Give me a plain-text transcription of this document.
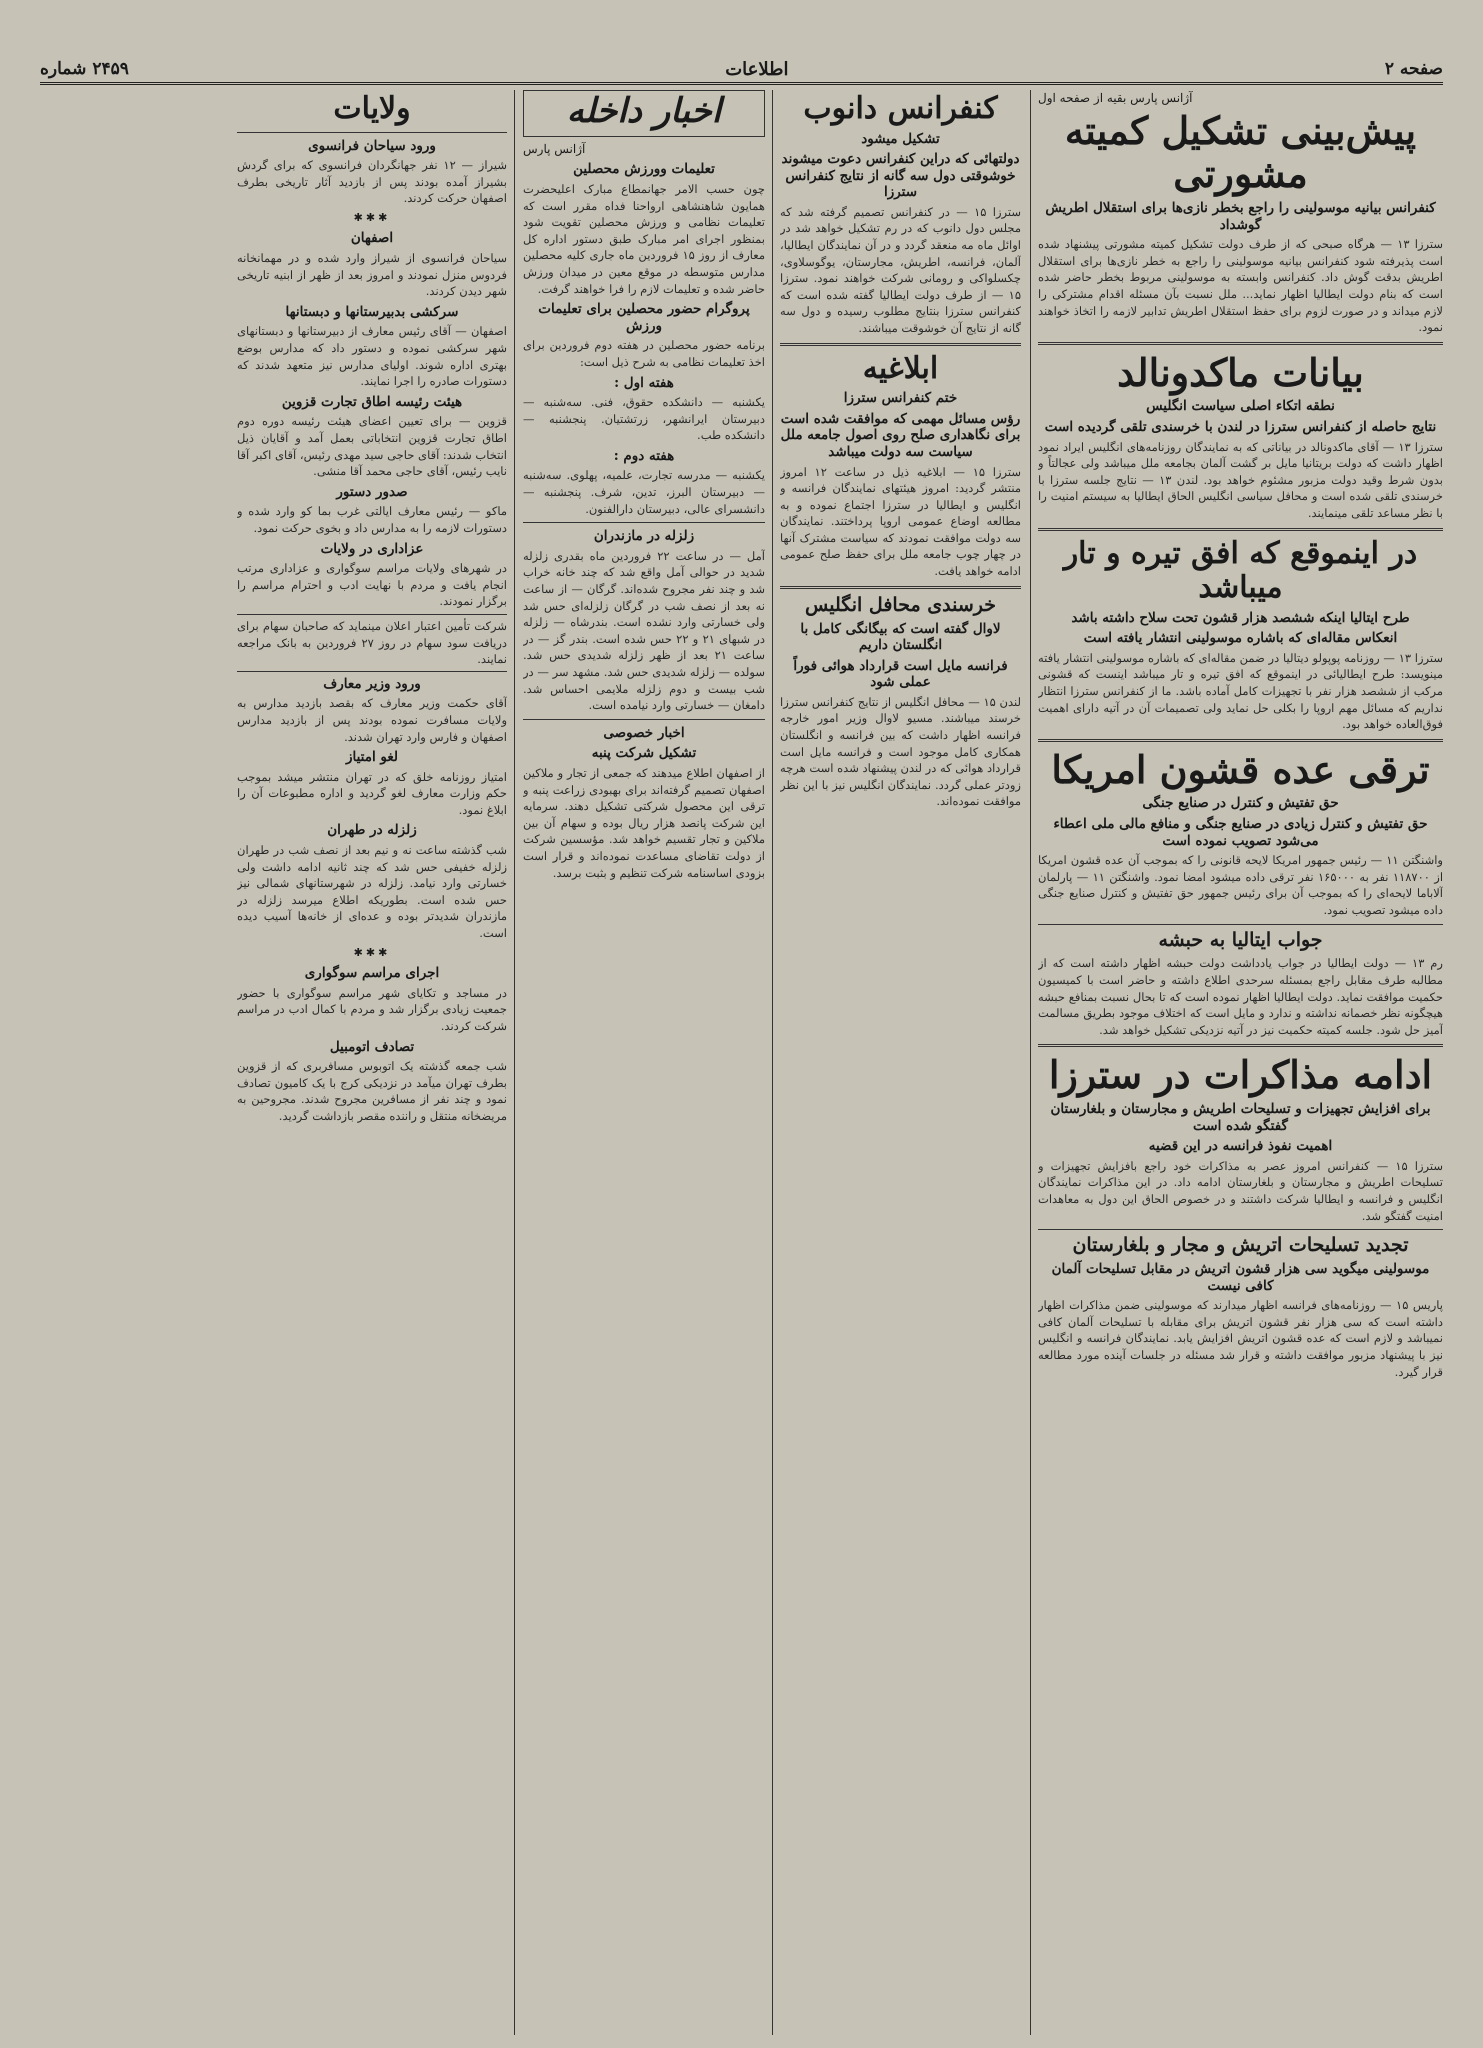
صفحه ۲
اطلاعات
۲۴۵۹ شماره
آژانس پارس بقیه از صفحه اول
پیش‌بینی تشکیل کمیته مشورتی
کنفرانس بیانیه موسولینی را راجع بخطر نازی‌ها برای استقلال اطریش گوشداد

سترزا ۱۳ — هرگاه صبحی که از طرف دولت تشکیل کمیته مشورتی پیشنهاد شده است پذیرفته شود کنفرانس بیانیه موسولینی را راجع به خطر نازی‌ها برای استقلال اطریش بدقت گوش داد. کنفرانس وابسته به موسولینی مربوط بخطر حاضر شده است که بنام دولت ایطالیا اظهار نماید... ملل نسبت بآن مسئله اقدام مشترکی را لازم میداند و در صورت لزوم برای حفظ استقلال اطریش تدابیر لازمه را اتخاذ خواهند نمود.

بیانات ماکدونالد
نطقه اتکاء اصلی سیاست انگلیس
نتایج حاصله از کنفرانس سترزا در لندن با خرسندی تلقی گردیده است

سترزا ۱۳ — آقای ماکدونالد در بیاناتی که به نمایندگان روزنامه‌های انگلیس ایراد نمود اظهار داشت که دولت بریتانیا مایل بر گشت آلمان بجامعه ملل میباشد ولی عجالتاً و بدون شرط وقید دولت مزبور مشئوم خواهد بود. لندن ۱۳ — نتایج جلسه سترزا با خرسندی تلقی شده است و محافل سیاسی انگلیس الحاق ایطالیا به سیستم امنیت را با نظر مساعد تلقی مینمایند.

در اینموقع که افق تیره و تار میباشد
طرح ایتالیا اینکه ششصد هزار قشون تحت سلاح داشته باشد
انعکاس مقاله‌ای که باشاره موسولینی انتشار یافته است

سترزا ۱۳ — روزنامه پوپولو دیتالیا در ضمن مقاله‌ای که باشاره موسولینی انتشار یافته مینویسد: طرح ایطالیائی در اینموقع که افق تیره و تار میباشد اینست که قشونی مرکب از ششصد هزار نفر با تجهیزات کامل آماده باشد. ما از کنفرانس سترزا انتظار نداریم که مسائل مهم اروپا را بکلی حل نماید ولی تصمیمات آن در آتیه دارای اهمیت فوق‌العاده خواهد بود.

ترقی عده قشون امریکا
حق تفتیش و کنترل در صنایع جنگی
حق تفتیش و کنترل زیادی در صنایع جنگی و منافع مالی ملی اعطاء می‌شود تصویب نموده است

واشنگتن ۱۱ — رئیس جمهور امریکا لایحه قانونی را که بموجب آن عده قشون امریکا از ۱۱۸۷۰۰ نفر به ۱۶۵۰۰۰ نفر ترقی داده میشود امضا نمود. واشنگتن ۱۱ — پارلمان آلاباما لایحه‌ای را که بموجب آن برای رئیس جمهور حق تفتیش و کنترل صنایع جنگی داده میشود تصویب نمود.

جواب ایتالیا به حبشه

رم ۱۳ — دولت ایطالیا در جواب یادداشت دولت حبشه اظهار داشته است که از مطالبه طرف مقابل راجع بمسئله سرحدی اطلاع داشته و حاضر است با کمیسیون حکمیت موافقت نماید. دولت ایطالیا اظهار نموده است که تا بحال نسبت بمنافع حبشه هیچگونه نظر خصمانه نداشته و ندارد و مایل است که اختلاف موجود بطریق مسالمت آمیز حل شود. جلسه کمیته حکمیت نیز در آتیه نزدیکی تشکیل خواهد شد.

ادامه مذاکرات در سترزا
برای افزایش تجهیزات و تسلیحات اطریش و مجارستان و بلغارستان گفتگو شده است
اهمیت نفوذ فرانسه در این قضیه

سترزا ۱۵ — کنفرانس امروز عصر به مذاکرات خود راجع بافزایش تجهیزات و تسلیحات اطریش و مجارستان و بلغارستان ادامه داد. در این مذاکرات نمایندگان انگلیس و فرانسه و ایطالیا شرکت داشتند و در خصوص الحاق این دول به معاهدات امنیت گفتگو شد.

تجدید تسلیحات اتریش و مجار و بلغارستان
موسولینی میگوید سی هزار قشون اتریش در مقابل تسلیحات آلمان کافی نیست

پاریس ۱۵ — روزنامه‌های فرانسه اظهار میدارند که موسولینی ضمن مذاکرات اظهار داشته است که سی هزار نفر قشون اتریش برای مقابله با تسلیحات آلمان کافی نمیباشد و لازم است که عده قشون اتریش افزایش یابد. نمایندگان فرانسه و انگلیس نیز با پیشنهاد مزبور موافقت داشته و قرار شد مسئله در جلسات آینده مورد مطالعه قرار گیرد.

کنفرانس دانوب
تشکیل میشود
دولتهائی که دراین کنفرانس دعوت میشوند خوشوقتی دول سه گانه از نتایج کنفرانس سترزا

سترزا ۱۵ — در کنفرانس تصمیم گرفته شد که مجلس دول دانوب که در رم تشکیل خواهد شد در اوائل ماه مه منعقد گردد و در آن نمایندگان ایطالیا، آلمان، فرانسه، اطریش، مجارستان، یوگوسلاوی، چکسلواکی و رومانی شرکت خواهند نمود. سترزا ۱۵ — از طرف دولت ایطالیا گفته شده است که کنفرانس سترزا بنتایج مطلوب رسیده و دول سه گانه از نتایج آن خوشوقت میباشند.

ابلاغیه
ختم کنفرانس سترزا
رؤس مسائل مهمی که موافقت شده است برای نگاهداری صلح روی اصول جامعه ملل سیاست سه دولت میباشد

سترزا ۱۵ — ابلاغیه ذیل در ساعت ۱۲ امروز منتشر گردید: امروز هیئتهای نمایندگان فرانسه و انگلیس و ایطالیا در سترزا اجتماع نموده و به مطالعه اوضاع عمومی اروپا پرداختند. نمایندگان سه دولت موافقت نمودند که سیاست مشترک آنها در چهار چوب جامعه ملل برای حفظ صلح عمومی ادامه خواهد یافت.

خرسندی محافل انگلیس
لاوال گفته است که بیگانگی کامل با انگلستان داریم
فرانسه مایل است قرارداد هوائی فوراً عملی شود

لندن ۱۵ — محافل انگلیس از نتایج کنفرانس سترزا خرسند میباشند. مسیو لاوال وزیر امور خارجه فرانسه اظهار داشت که بین فرانسه و انگلستان همکاری کامل موجود است و فرانسه مایل است قرارداد هوائی که در لندن پیشنهاد شده است هرچه زودتر عملی گردد. نمایندگان انگلیس نیز با این نظر موافقت نموده‌اند.

اخبار داخله
آژانس پارس
تعلیمات وورزش محصلین

چون حسب الامر جهانمطاع مبارک اعلیحضرت همایون شاهنشاهی ارواحنا فداه مقرر است که تعلیمات نظامی و ورزش محصلین تقویت شود بمنظور اجرای امر مبارک طبق دستور اداره کل معارف از روز ۱۵ فروردین ماه جاری کلیه محصلین مدارس متوسطه در موقع معین در میدان ورزش حاضر شده و تعلیمات لازم را فرا خواهند گرفت.

پروگرام حضور محصلین برای تعلیمات ورزش

برنامه حضور محصلین در هفته دوم فروردین برای اخذ تعلیمات نظامی به شرح ذیل است:

هفته اول :

یکشنبه — دانشکده حقوق، فنی. سه‌شنبه — دبیرستان ایرانشهر، زرتشتیان. پنجشنبه — دانشکده طب.

هفته دوم :

یکشنبه — مدرسه تجارت، علمیه، پهلوی. سه‌شنبه — دبیرستان البرز، تدین، شرف. پنجشنبه — دانشسرای عالی، دبیرستان دارالفنون.

زلزله در مازندران

آمل — در ساعت ۲۲ فروردین ماه بقدری زلزله شدید در حوالی آمل واقع شد که چند خانه خراب شد و چند نفر مجروح شده‌اند. گرگان — از ساعت نه بعد از نصف شب در گرگان زلزله‌ای حس شد ولی خسارتی وارد نشده است. بندرشاه — زلزله در شبهای ۲۱ و ۲۲ حس شده است. بندر گز — در ساعت ۲۱ بعد از ظهر زلزله شدیدی حس شد. سولده — زلزله شدیدی حس شد. مشهد سر — در شب بیست و دوم زلزله ملایمی احساس شد. دامغان — خسارتی وارد نیامده است.

اخبار خصوصی
تشکیل شرکت پنبه

از اصفهان اطلاع میدهند که جمعی از تجار و ملاکین اصفهان تصمیم گرفته‌اند برای بهبودی زراعت پنبه و ترقی این محصول شرکتی تشکیل دهند. سرمایه این شرکت پانصد هزار ریال بوده و سهام آن بین ملاکین و تجار تقسیم خواهد شد. مؤسسین شرکت از دولت تقاضای مساعدت نموده‌اند و قرار است بزودی اساسنامه شرکت تنظیم و بثبت برسد.

ولایات
ورود سیاحان فرانسوی

شیراز — ۱۲ نفر جهانگردان فرانسوی که برای گردش بشیراز آمده بودند پس از بازدید آثار تاریخی بطرف اصفهان حرکت کردند.

✱✱✱
اصفهان

سیاحان فرانسوی از شیراز وارد شده و در مهمانخانه فردوس منزل نمودند و امروز بعد از ظهر از ابنیه تاریخی شهر دیدن کردند.

سرکشی بدبیرستانها و دبستانها

اصفهان — آقای رئیس معارف از دبیرستانها و دبستانهای شهر سرکشی نموده و دستور داد که مدارس بوضع بهتری اداره شوند. اولیای مدارس نیز متعهد شدند که دستورات صادره را اجرا نمایند.

هیئت رئیسه اطاق تجارت قزوین

قزوین — برای تعیین اعضای هیئت رئیسه دوره دوم اطاق تجارت قزوین انتخاباتی بعمل آمد و آقایان ذیل انتخاب شدند: آقای حاجی سید مهدی رئیس، آقای اکبر آقا نایب رئیس، آقای حاجی محمد آقا منشی.

صدور دستور

ماکو — رئیس معارف ایالتی غرب بما کو وارد شده و دستورات لازمه را به مدارس داد و بخوی حرکت نمود.

عزاداری در ولایات

در شهرهای ولایات مراسم سوگواری و عزاداری مرتب انجام یافت و مردم با نهایت ادب و احترام مراسم را برگزار نمودند.

شرکت تأمین اعتبار اعلان مینماید که صاحبان سهام برای دریافت سود سهام در روز ۲۷ فروردین به بانک مراجعه نمایند.
ورود وزیر معارف

آقای حکمت وزیر معارف که بقصد بازدید مدارس به ولایات مسافرت نموده بودند پس از بازدید مدارس اصفهان و فارس وارد تهران شدند.

لغو امتیاز

امتیاز روزنامه خلق که در تهران منتشر میشد بموجب حکم وزارت معارف لغو گردید و اداره مطبوعات آن را ابلاغ نمود.

زلزله در طهران

شب گذشته ساعت نه و نیم بعد از نصف شب در طهران زلزله خفیفی حس شد که چند ثانیه ادامه داشت ولی خسارتی وارد نیامد. زلزله در شهرستانهای شمالی نیز حس شده است. بطوریکه اطلاع میرسد زلزله در مازندران شدیدتر بوده و عده‌ای از خانه‌ها آسیب دیده است.

✱✱✱
اجرای مراسم سوگواری

در مساجد و تکایای شهر مراسم سوگواری با حضور جمعیت زیادی برگزار شد و مردم با کمال ادب در مراسم شرکت کردند.

تصادف اتومبیل

شب جمعه گذشته یک اتوبوس مسافربری که از قزوین بطرف تهران میآمد در نزدیکی کرج با یک کامیون تصادف نمود و چند نفر از مسافرین مجروح شدند. مجروحین به مریضخانه منتقل و راننده مقصر بازداشت گردید.
